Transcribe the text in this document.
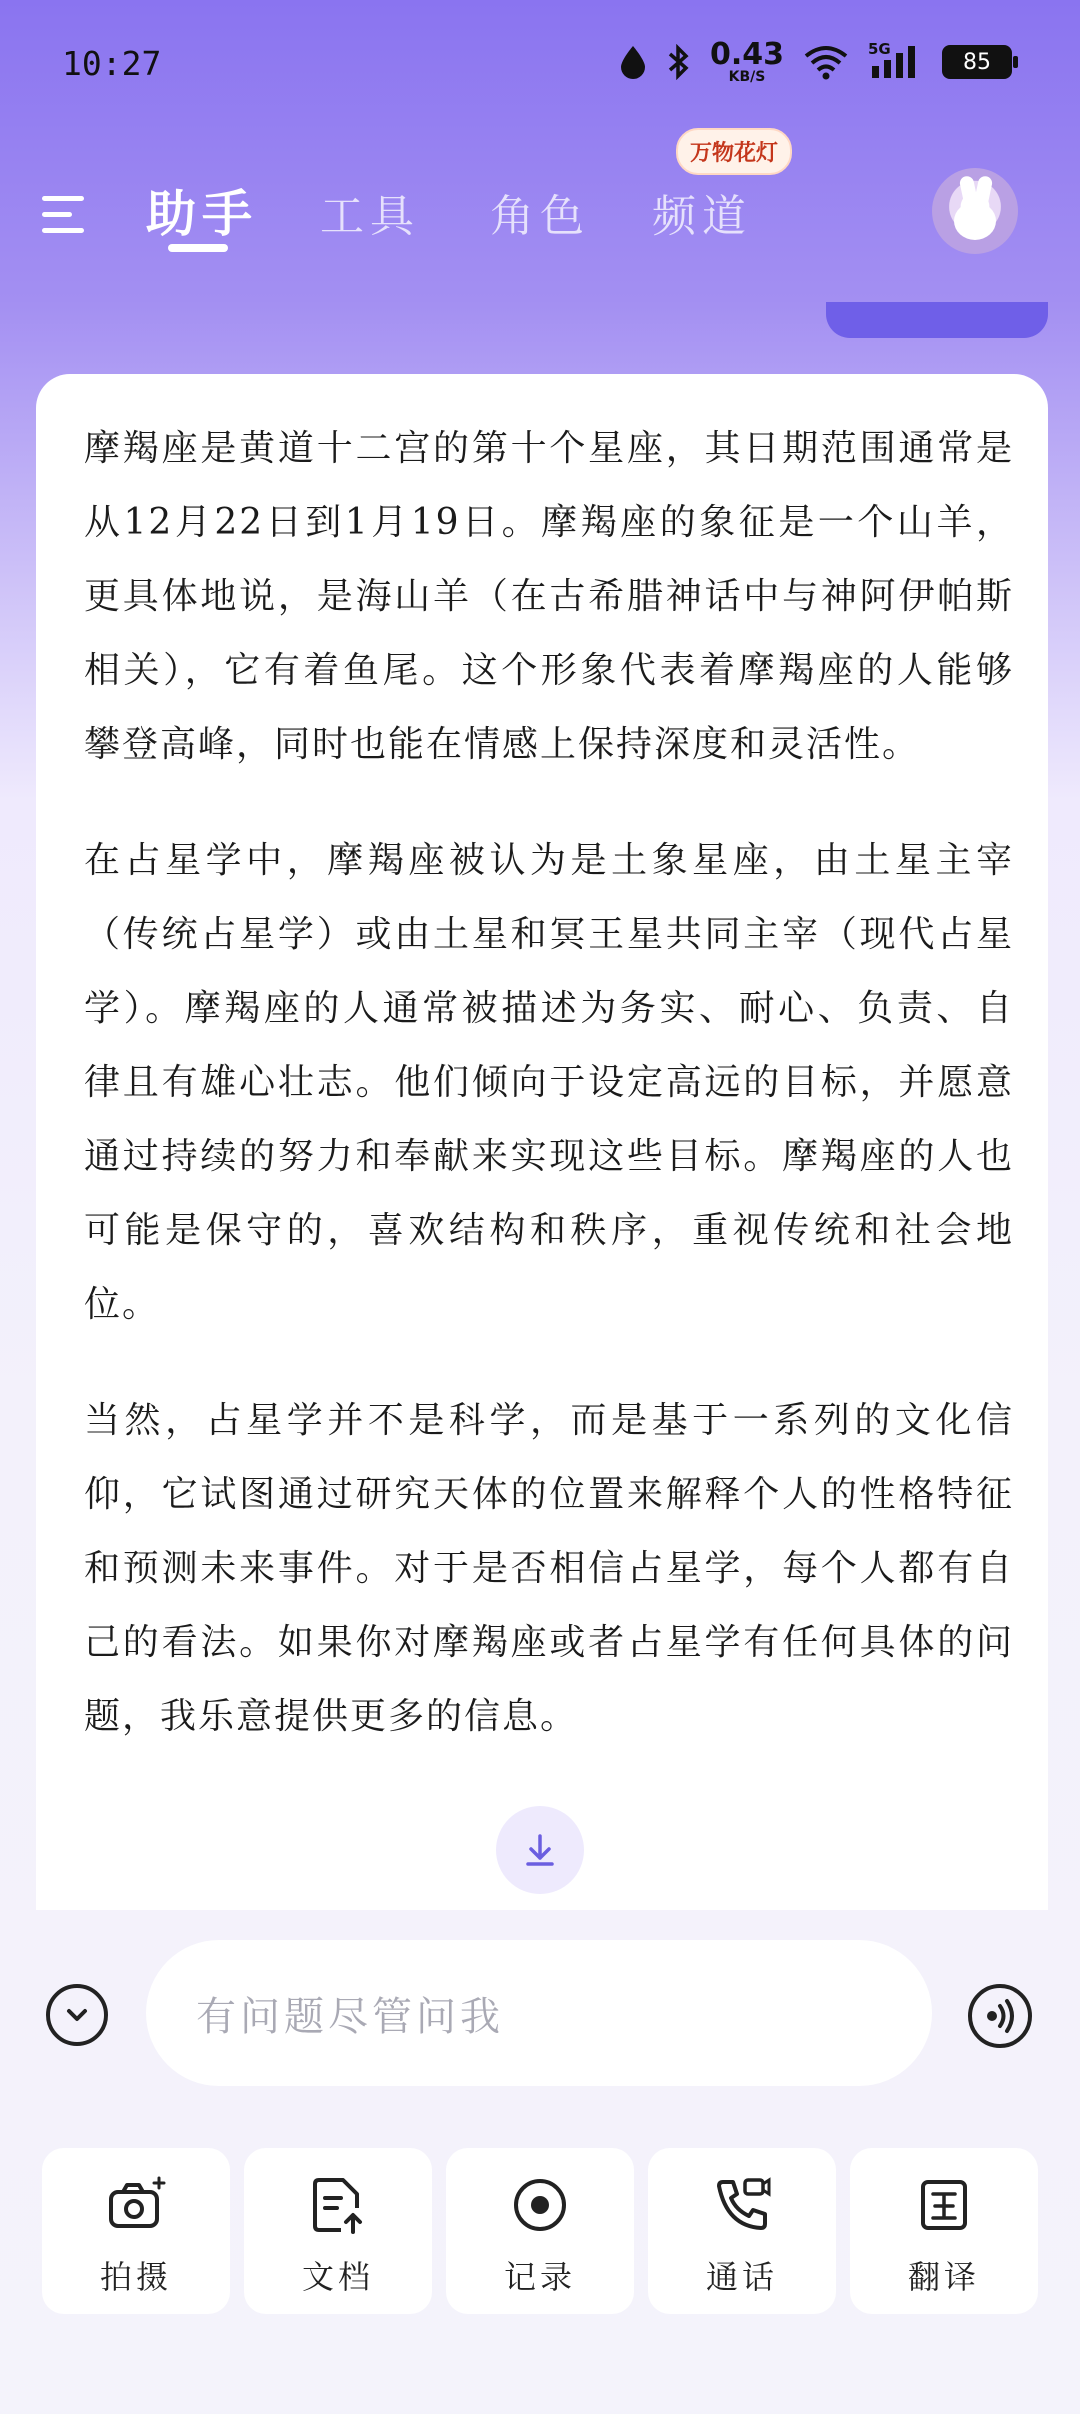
10:27	0.43
KB/S
5G
85
助手 工具 角色 频道
万物花灯

摩羯座是黄道十二宫的第十个星座，其日期范围通常是从12月22日到1月19日。摩羯座的象征是一个山羊，更具体地说，是海山羊（在古希腊神话中与神阿伊帕斯相关），它有着鱼尾。这个形象代表着摩羯座的人能够攀登高峰，同时也能在情感上保持深度和灵活性。

在占星学中，摩羯座被认为是土象星座，由土星主宰（传统占星学）或由土星和冥王星共同主宰（现代占星学）。摩羯座的人通常被描述为务实、耐心、负责、自律且有雄心壮志。他们倾向于设定高远的目标，并愿意通过持续的努力和奉献来实现这些目标。摩羯座的人也可能是保守的，喜欢结构和秩序，重视传统和社会地位。

当然，占星学并不是科学，而是基于一系列的文化信仰，它试图通过研究天体的位置来解释个人的性格特征和预测未来事件。对于是否相信占星学，每个人都有自己的看法。如果你对摩羯座或者占星学有任何具体的问题，我乐意提供更多的信息。

有问题尽管问我
拍摄	文档	记录	通话	翻译
